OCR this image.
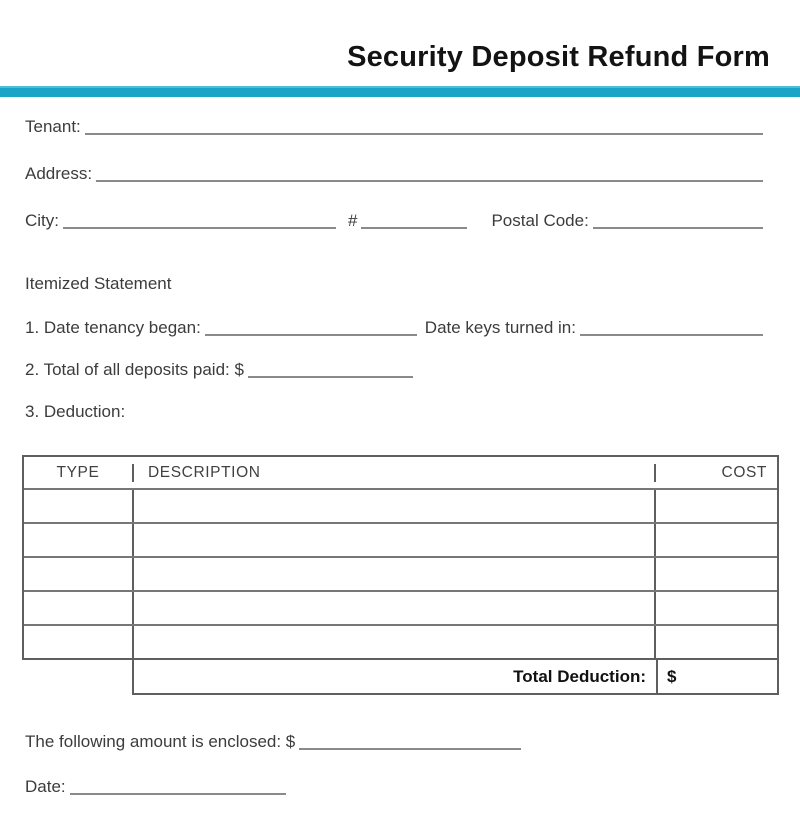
Security Deposit Refund Form
Tenant:
Address:
City:	#	Postal Code:
Itemized Statement
1. Date tenancy began:	Date keys turned in:
2. Total of all deposits paid: $
3. Deduction:
TYPE	DESCRIPTION	COST
Total Deduction:	$
The following amount is enclosed: $
Date:
